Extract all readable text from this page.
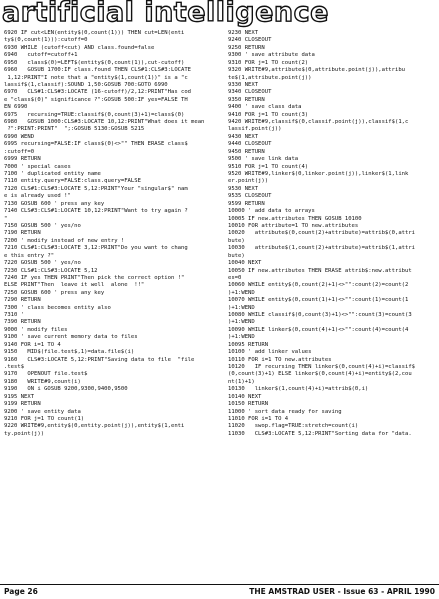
artificial intelligence
6920 IF cut<LEN(entity$(0,count(1))) THEN cut=LEN(enti
ty$(0,count(1))):cutoff=0
6930 WHILE (cutoff<cut) AND class.found=false
6940   cutoff=cutoff+1
6950   class$(0)=LEFT$(entity$(0,count(1)),cut-cutoff)
6960   GOSUB 1700:IF class.found THEN CLS#1:CLS#3:LOCATE
1,12:PRINT"I note that a "entity$(1,count(1))" is a "c
lassif$(1,classif):SOUND 1,50:GOSUB 700:GOTO 6990
6970   CLS#1:CLS#3:LOCATE (16-cutoff)/2,12:PRINT"Has cod
e "class$(0)" significance ?":GOSUB 500:IF yes=FALSE TH
EN 6990
6975   recursing=TRUE:classif$(0,count(3)+1)=class$(0)
6980   GOSUB 1000:CLS#3:LOCATE 10,12:PRINT"What does it mean
?":PRINT:PRINT"  ";:GOSUB 5130:GOSUB 5215
6990 WEND
6995 recursing=FALSE:IF class$(0)<>"" THEN ERASE class$
:cutoff=0
6999 RETURN
7000 ' special cases
7100 ' duplicated entity name
7110 entity.query=FALSE:class.query=FALSE
7120 CLS#1:CLS#3:LOCATE 5,12:PRINT"Your "singular$" nam
e is already used !"
7130 GOSUB 600 ' press any key
7140 CLS#3:CLS#1:LOCATE 10,12:PRINT"Want to try again ?
"
7150 GOSUB 500 ' yes/no
7190 RETURN
7200 ' modify instead of new entry !
7210 CLS#1:CLS#3:LOCATE 3,12:PRINT"Do you want to chang
e this entry ?"
7220 GOSUB 500 ' yes/no
7230 CLS#1:CLS#3:LOCATE 5,12
7240 IF yes THEN PRINT"Then pick the correct option !"
ELSE PRINT"Then  leave it well  alone  !!"
7250 GOSUB 600 ' press any key
7290 RETURN
7300 ' class becomes entity also
7310 '
7390 RETURN
9000 ' modify files
9100 ' save current memory data to files
9140 FOR i=1 TO 4
9150   MID$(file.test$,1)=data.file$(i)
9160   CLS#3:LOCATE 5,12:PRINT"Saving data to file  "file
.test$
9170   OPENOUT file.test$
9180   WRITE#9,count(i)
9190   ON i GOSUB 9200,9300,9400,9500
9195 NEXT
9199 RETURN
9200 ' save entity data
9210 FOR j=1 TO count(1)
9220 WRITE#9,entity$(0,entity.point(j)),entity$(1,enti
ty.point(j))
9230 NEXT
9240 CLOSEOUT
9250 RETURN
9300 ' save attribute data
9310 FOR j=1 TO count(2)
9320 WRITE#9,attribute$(0,attribute.point(j)),attribu
te$(1,attribute.point(j))
9330 NEXT
9340 CLOSEOUT
9350 RETURN
9400 ' save class data
9410 FOR j=1 TO count(3)
9420 WRITE#9,classif$(0,classif.point(j)),classif$(1,c
lassif.point(j))
9430 NEXT
9440 CLOSEOUT
9450 RETURN
9500 ' save link data
9510 FOR j=1 TO count(4)
9520 WRITE#9,linker$(0,linker.point(j)),linker$(1,link
er.point(j))
9530 NEXT
9535 CLOSEOUT
9599 RETURN
10000 ' add data to arrays
10005 IF new.attributes THEN GOSUB 10100
10010 FOR attribute=1 TO new.attributes
10020   attribute$(0,count(2)+attribute)=attrib$(0,attri
bute)
10030   attribute$(1,count(2)+attribute)=attrib$(1,attri
bute)
10040 NEXT
10050 IF new.attributes THEN ERASE attrib$:new.attribut
es=0
10060 WHILE entity$(0,count(2)+1)<>"":count(2)=count(2
)+1:WEND
10070 WHILE entity$(0,count(1)+1)<>"":count(1)=count(1
)+1:WEND
10080 WHILE classif$(0,count(3)+1)<>"":count(3)=count(3
)+1:WEND
10090 WHILE linker$(0,count(4)+1)<>"":count(4)=count(4
)+1:WEND
10095 RETURN
10100 ' add linker values
10110 FOR i=1 TO new.attributes
10120   IF recursing THEN linker$(0,count(4)+i)=classif$
(0,count(3)+1) ELSE linker$(0,count(4)+i)=entity$(2,cou
nt(1)+1)
10130   linker$(1,count(4)+i)=attrib$(0,i)
10140 NEXT
10150 RETURN
11000 ' sort data ready for saving
11010 FOR i=1 TO 4
11020   swop.flag=TRUE:stretch=count(i)
11030   CLS#3:LOCATE 5,12:PRINT"Sorting data for "data.
Page 26	THE AMSTRAD USER - Issue 63 - APRIL 1990
